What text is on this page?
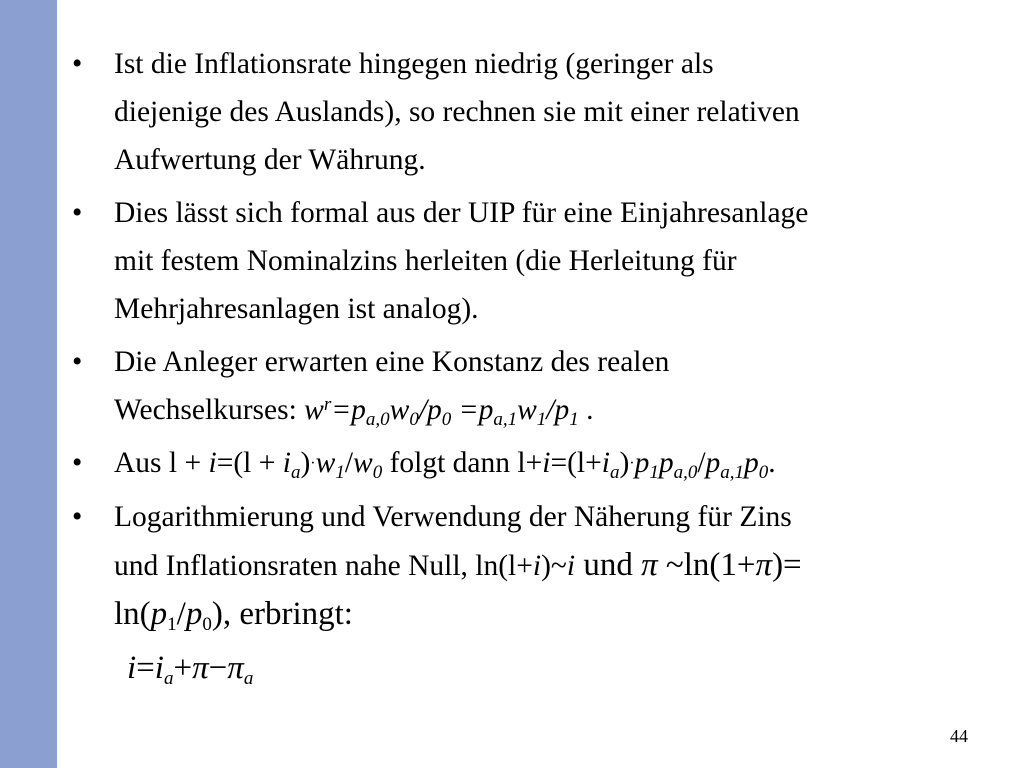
• Ist die Inflationsrate hingegen niedrig (geringer als
diejenige des Auslands), so rechnen sie mit einer relativen
Aufwertung der Währung.

• Dies lässt sich formal aus der UIP für eine Einjahresanlage
mit festem Nominalzins herleiten (die Herleitung für
Mehrjahresanlagen ist analog).

• Die Anleger erwarten eine Konstanz des realen
Wechselkurses: $w^r=p_{a,0}w_0/p_0 =p_{a,1}w_1/p_1$ .

• Aus $l + i=(l + i_a)\cdot w_1/w_0$ folgt dann $l+i=(l+i_a)\cdot p_1p_{a,0}/p_{a,1}p_0$.

• Logarithmierung und Verwendung der Näherung für Zins
und Inflationsraten nahe Null, ln(l+i)~i und π ~ln(1+π)=
$\ln(p_1/p_0)$, erbringt:

$i=i_a+\pi-\pi_a$
44
